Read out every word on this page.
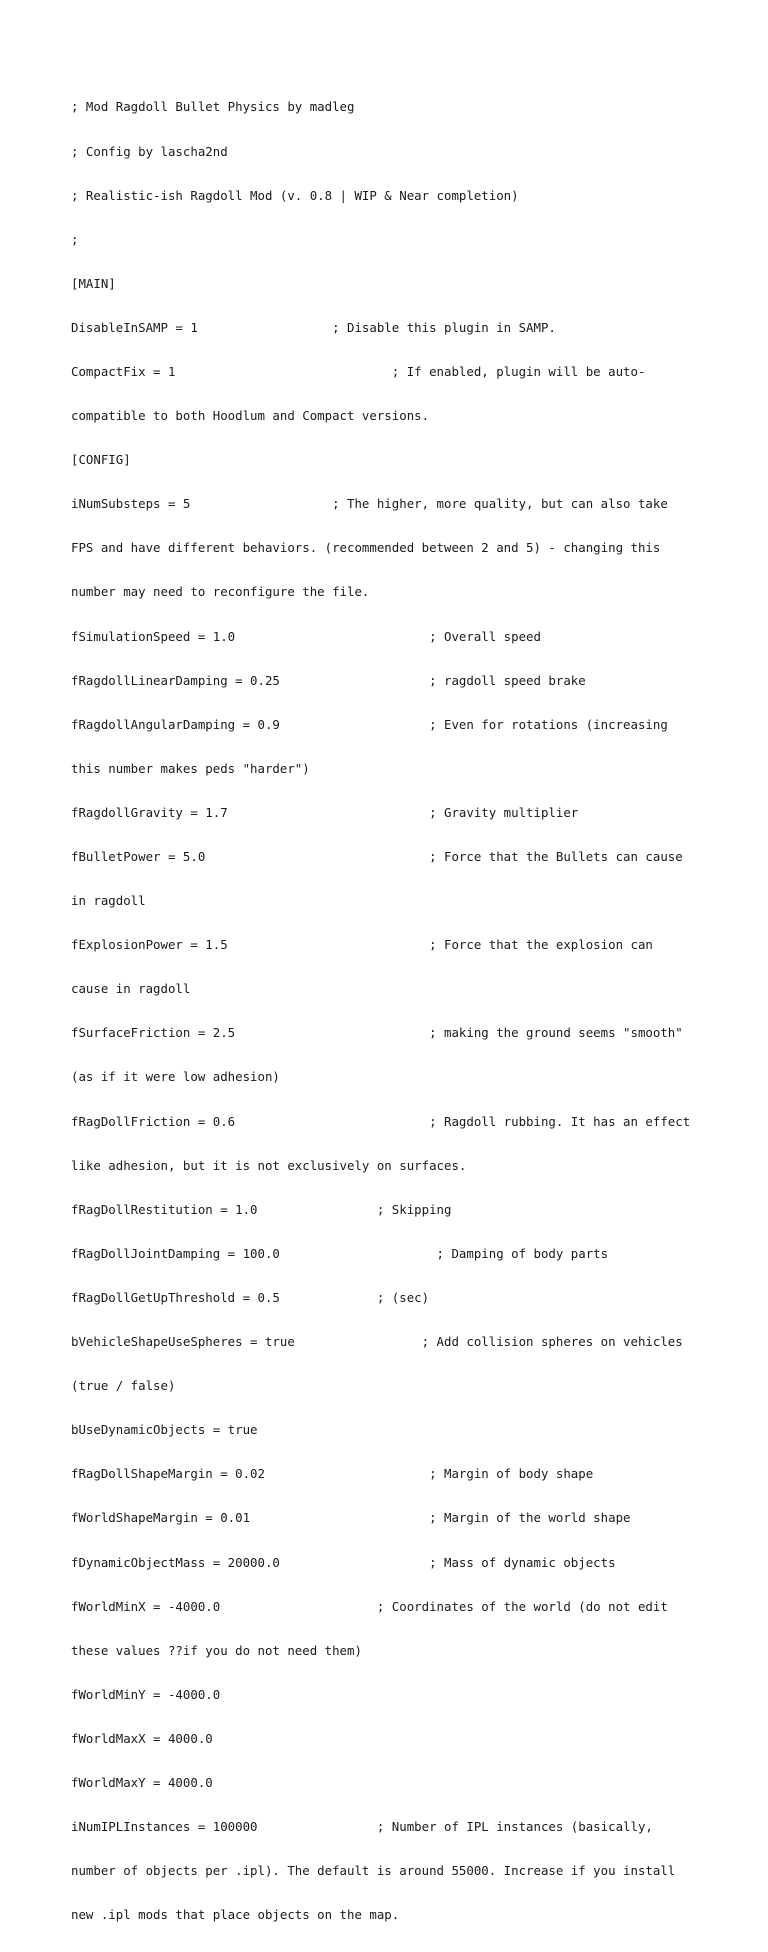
; Mod Ragdoll Bullet Physics by madleg

; Config by lascha2nd

; Realistic-ish Ragdoll Mod (v. 0.8 | WIP & Near completion)

;

[MAIN]

DisableInSAMP = 1                  ; Disable this plugin in SAMP.

CompactFix = 1                             ; If enabled, plugin will be auto-

compatible to both Hoodlum and Compact versions.

[CONFIG]

iNumSubsteps = 5                   ; The higher, more quality, but can also take

FPS and have different behaviors. (recommended between 2 and 5) - changing this

number may need to reconfigure the file.

fSimulationSpeed = 1.0                          ; Overall speed

fRagdollLinearDamping = 0.25                    ; ragdoll speed brake

fRagdollAngularDamping = 0.9                    ; Even for rotations (increasing

this number makes peds "harder")

fRagdollGravity = 1.7                           ; Gravity multiplier

fBulletPower = 5.0                              ; Force that the Bullets can cause

in ragdoll

fExplosionPower = 1.5                           ; Force that the explosion can

cause in ragdoll

fSurfaceFriction = 2.5                          ; making the ground seems "smooth"

(as if it were low adhesion)

fRagDollFriction = 0.6                          ; Ragdoll rubbing. It has an effect

like adhesion, but it is not exclusively on surfaces.

fRagDollRestitution = 1.0                ; Skipping

fRagDollJointDamping = 100.0                     ; Damping of body parts

fRagDollGetUpThreshold = 0.5             ; (sec)

bVehicleShapeUseSpheres = true                 ; Add collision spheres on vehicles

(true / false)

bUseDynamicObjects = true

fRagDollShapeMargin = 0.02                      ; Margin of body shape

fWorldShapeMargin = 0.01                        ; Margin of the world shape

fDynamicObjectMass = 20000.0                    ; Mass of dynamic objects

fWorldMinX = -4000.0                     ; Coordinates of the world (do not edit

these values ??if you do not need them)

fWorldMinY = -4000.0

fWorldMaxX = 4000.0

fWorldMaxY = 4000.0

iNumIPLInstances = 100000                ; Number of IPL instances (basically,

number of objects per .ipl). The default is around 55000. Increase if you install

new .ipl mods that place objects on the map.
